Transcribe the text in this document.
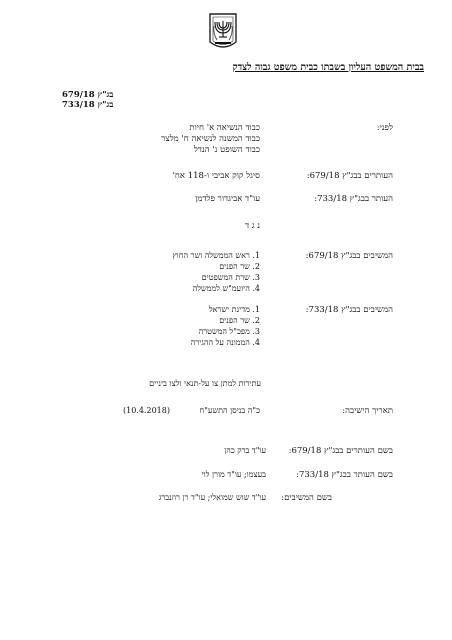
בבית המשפט העליון בשבתו כבית משפט גבוה לצדק
בג"ץ 679/18
בג"ץ 733/18
לפני:
כבוד הנשיאה א' חיות
כבוד המשנה לנשיאה ח' מלצר
כבוד השופט נ' הנדל
העותרים בבג"ץ 679/18:
סיגל קוק אביבי ו-118 אח'
העותר בבג"ץ 733/18:
עו"ד אביגדור פלדמן
נ ג ד
המשיבים בבג"ץ 679/18:
1. ראש הממשלה ושר החוץ
2. שר הפנים
3. שרת המשפטים
4. היועמ"ש לממשלה
המשיבים בבג"ץ 733/18:
1. מדינת ישראל
2. שר הפנים
3. מפכ"ל המשטרה
4. הממונה על ההגירה
עתירות למתן צו על-תנאי ולצו ביניים
תאריך הישיבה:
כ"ה בניסן התשע"ח
(10.4.2018)
בשם העותרים בבג"ץ 679/18:
עו"ד ברק כהן
בשם העותר בבג"ץ 733/18:
בעצמו; עו"ד מורן לוי
בשם המשיבים:
עו"ד שוש שמואלי; עו"ד רן רוזנברג
